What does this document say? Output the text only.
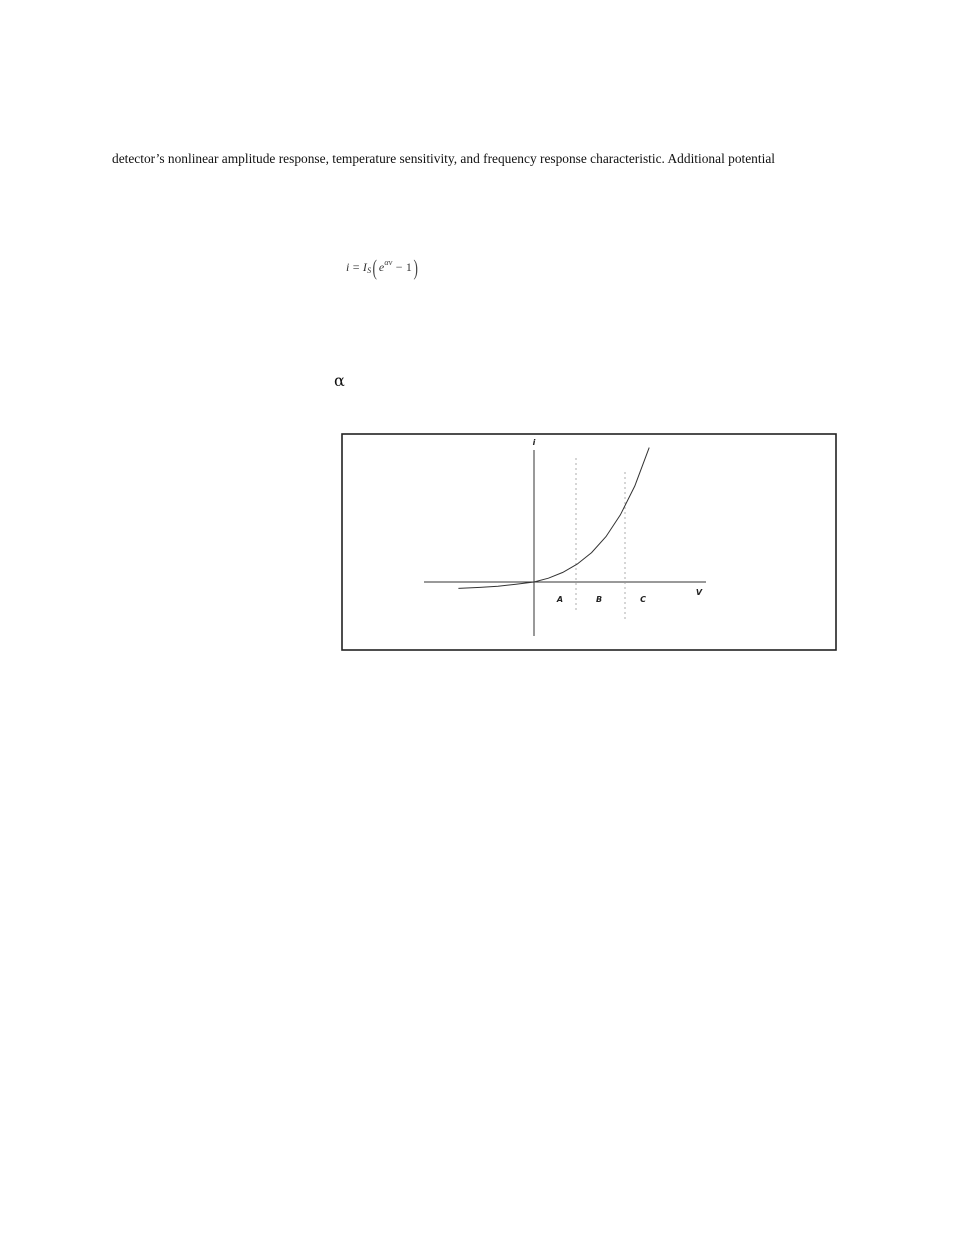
detector’s nonlinear amplitude response, temperature sensitivity, and frequency response characteristic. Additional potential
$i = I_S$( $e^{\alpha v} - 1$)
α
i
V
A	B	C
